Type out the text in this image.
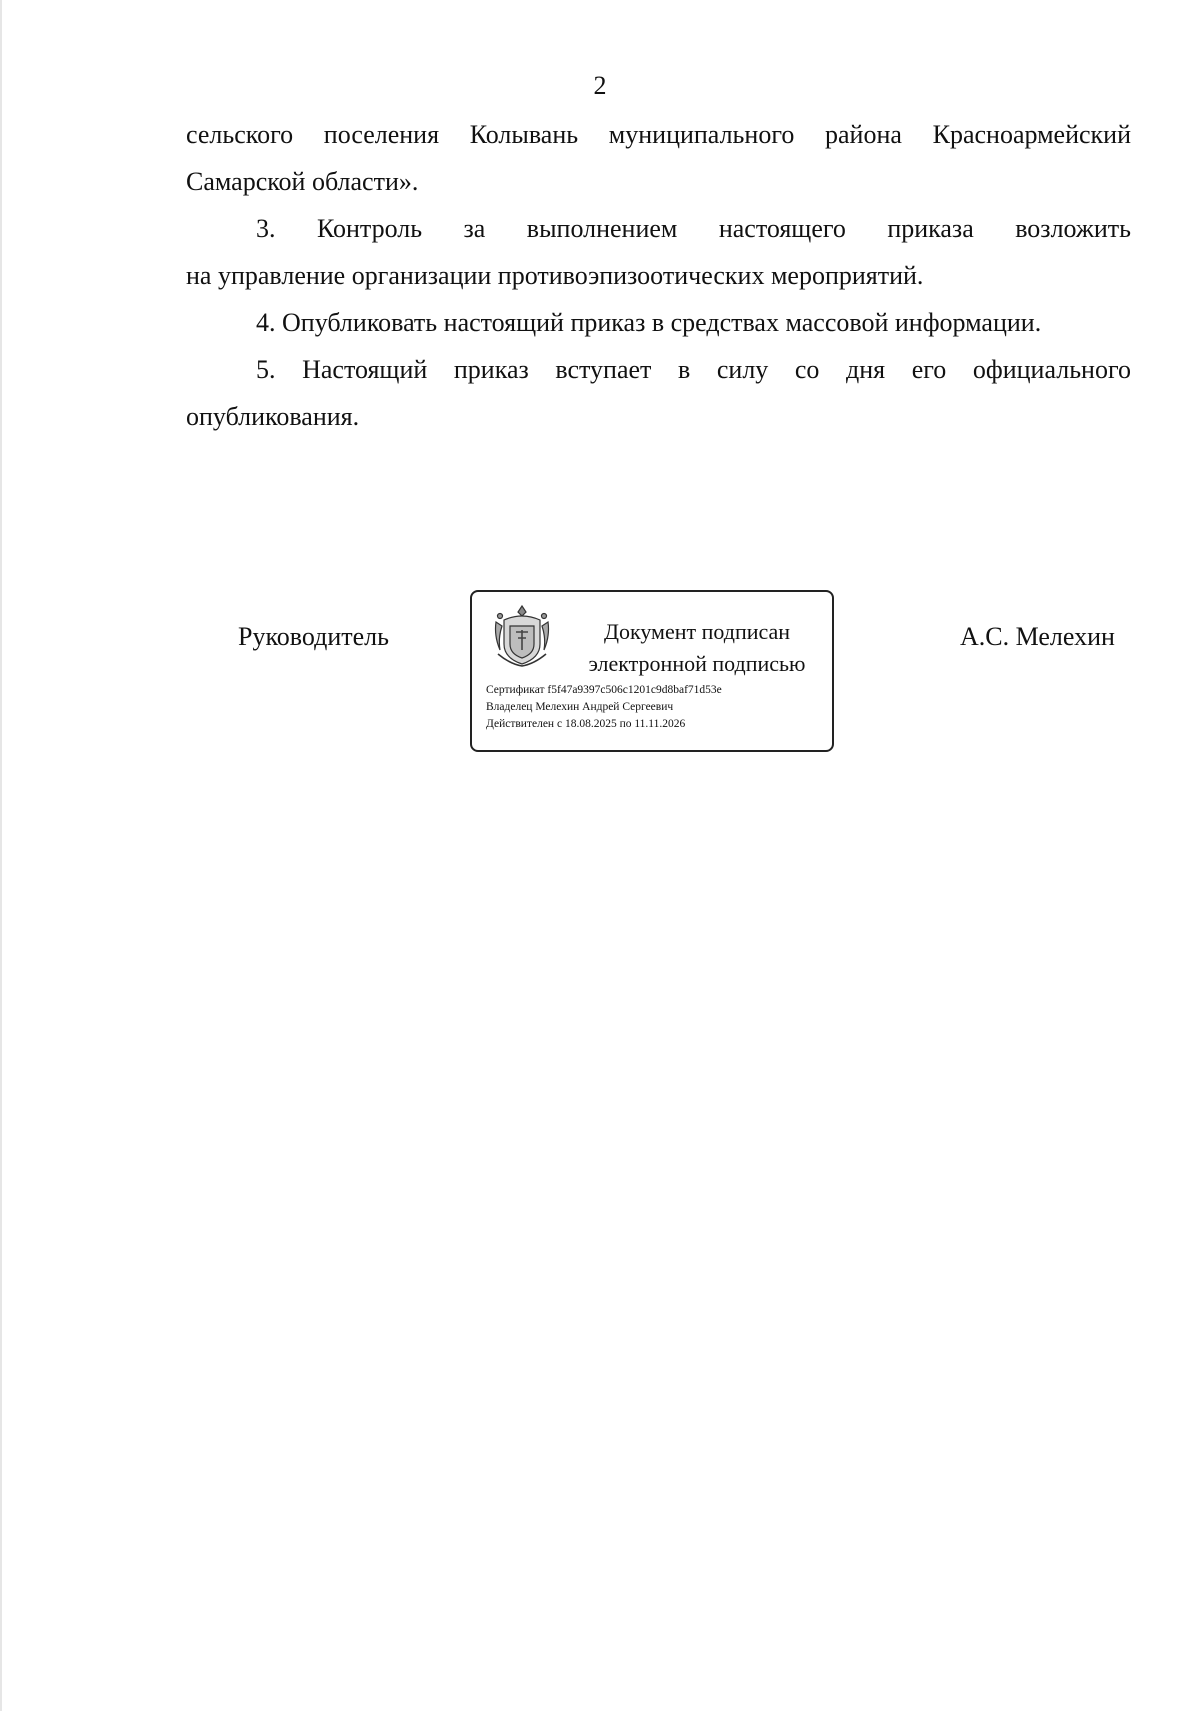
2

сельского поселения Колывань муниципального района Красноармейский
Самарской области».

3. Контроль за выполнением настоящего приказа возложить
на управление организации противоэпизоотических мероприятий.

4. Опубликовать настоящий приказ в средствах массовой информации.

5. Настоящий приказ вступает в силу со дня его официального
опубликования.

Руководитель	Документ подписан
электронной подписью
Сертификат f5f47a9397c506c1201c9d8baf71d53e
Владелец Мелехин Андрей Сергеевич
Действителен с 18.08.2025 по 11.11.2026
А.С. Мелехин
